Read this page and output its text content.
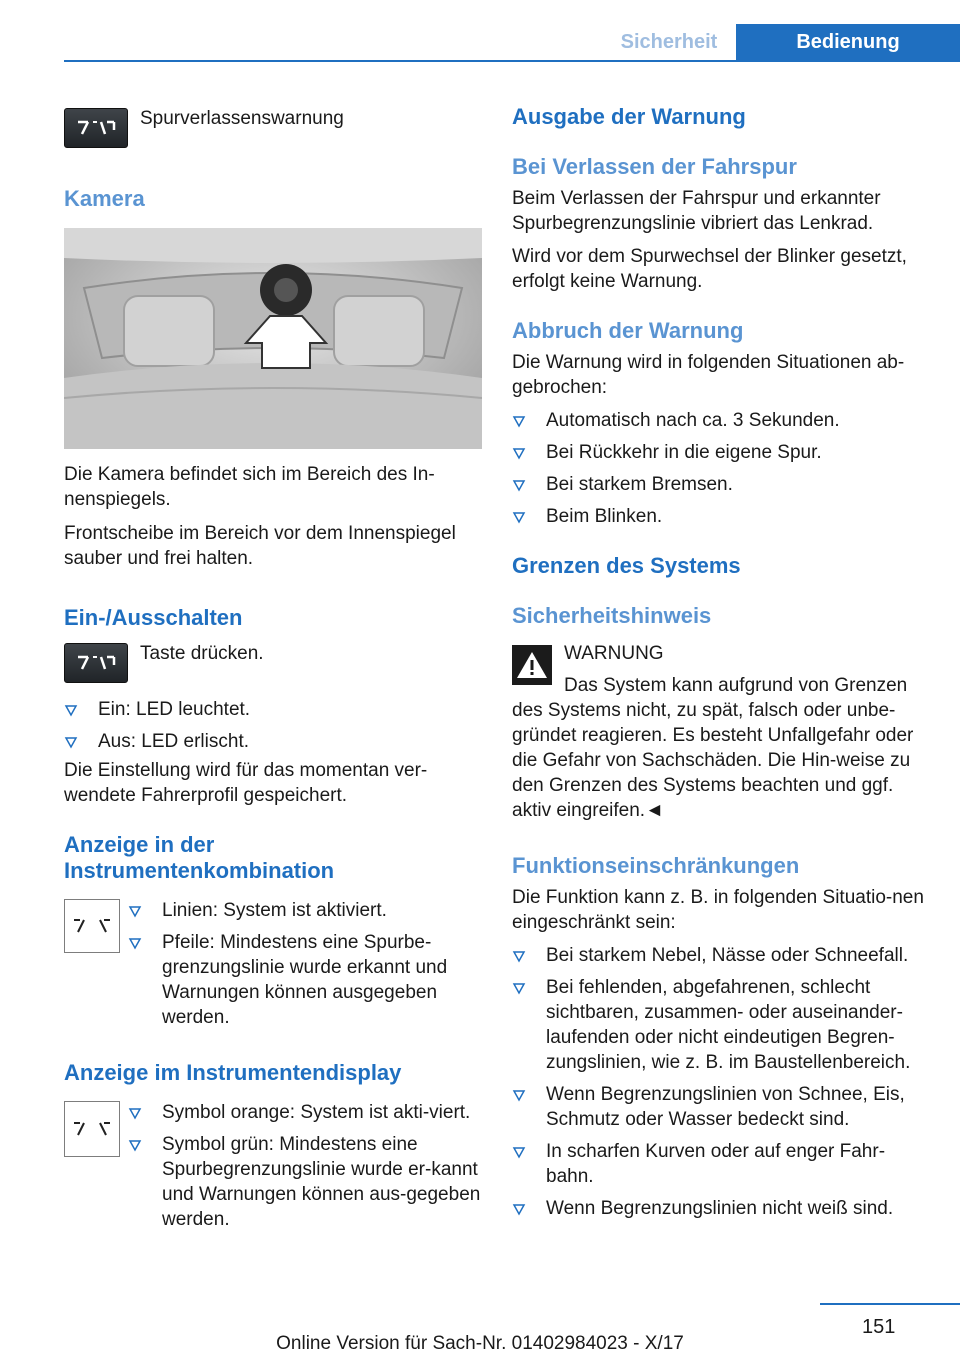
Sicherheit	Bedienung
Spurverlassenswarnung
Kamera
Die Kamera befindet sich im Bereich des In-nenspiegels.
Frontscheibe im Bereich vor dem Innenspiegel sauber und frei halten.
Ein-/Ausschalten
Taste drücken.
Ein: LED leuchtet.
Aus: LED erlischt.
Die Einstellung wird für das momentan ver-wendete Fahrerprofil gespeichert.
Anzeige in der Instrumentenkombination
Linien: System ist aktiviert.
Pfeile: Mindestens eine Spurbe-grenzungslinie wurde erkannt und Warnungen können ausgegeben werden.
Anzeige im Instrumentendisplay
Symbol orange: System ist akti-viert.
Symbol grün: Mindestens eine Spurbegrenzungslinie wurde er-kannt und Warnungen können aus-gegeben werden.
Ausgabe der Warnung
Bei Verlassen der Fahrspur
Beim Verlassen der Fahrspur und erkannter Spurbegrenzungslinie vibriert das Lenkrad.
Wird vor dem Spurwechsel der Blinker gesetzt, erfolgt keine Warnung.
Abbruch der Warnung
Die Warnung wird in folgenden Situationen ab-gebrochen:
Automatisch nach ca. 3 Sekunden.
Bei Rückkehr in die eigene Spur.
Bei starkem Bremsen.
Beim Blinken.
Grenzen des Systems
Sicherheitshinweis
WARNUNG
Das System kann aufgrund von Grenzen
des Systems nicht, zu spät, falsch oder unbe-gründet reagieren. Es besteht Unfallgefahr oder die Gefahr von Sachschäden. Die Hin-weise zu den Grenzen des Systems beachten und ggf. aktiv eingreifen.◄
Funktionseinschränkungen
Die Funktion kann z. B. in folgenden Situatio-nen eingeschränkt sein:
Bei starkem Nebel, Nässe oder Schneefall.
Bei fehlenden, abgefahrenen, schlecht sichtbaren, zusammen- oder auseinander-laufenden oder nicht eindeutigen Begren-zungslinien, wie z. B. im Baustellenbereich.
Wenn Begrenzungslinien von Schnee, Eis, Schmutz oder Wasser bedeckt sind.
In scharfen Kurven oder auf enger Fahr-bahn.
Wenn Begrenzungslinien nicht weiß sind.
151
Online Version für Sach-Nr. 01402984023 - X/17
